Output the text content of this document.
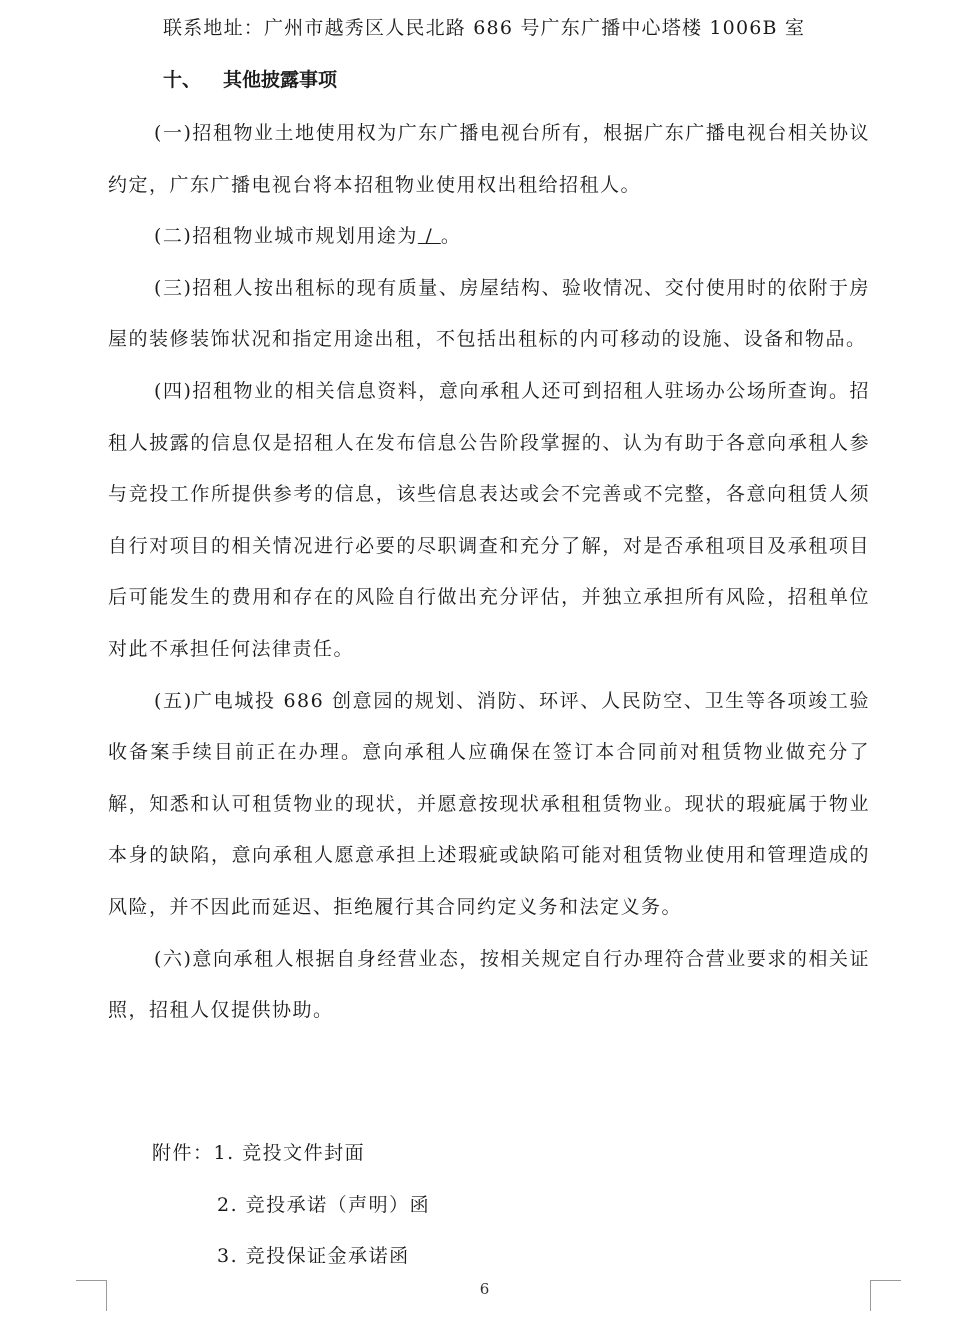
联系地址：广州市越秀区人民北路 686 号广东广播中心塔楼 1006B 室
十、 其他披露事项

(一)招租物业土地使用权为广东广播电视台所有，根据广东广播电视台相关协议约定，广东广播电视台将本招租物业使用权出租给招租人。

(二)招租物业城市规划用途为 / 。

(三)招租人按出租标的现有质量、房屋结构、验收情况、交付使用时的依附于房屋的装修装饰状况和指定用途出租，不包括出租标的内可移动的设施、设备和物品。

(四)招租物业的相关信息资料，意向承租人还可到招租人驻场办公场所查询。招租人披露的信息仅是招租人在发布信息公告阶段掌握的、认为有助于各意向承租人参与竞投工作所提供参考的信息，该些信息表达或会不完善或不完整，各意向租赁人须自行对项目的相关情况进行必要的尽职调查和充分了解，对是否承租项目及承租项目后可能发生的费用和存在的风险自行做出充分评估，并独立承担所有风险，招租单位对此不承担任何法律责任。

(五)广电城投 686 创意园的规划、消防、环评、人民防空、卫生等各项竣工验收备案手续目前正在办理。意向承租人应确保在签订本合同前对租赁物业做充分了解，知悉和认可租赁物业的现状，并愿意按现状承租租赁物业。现状的瑕疵属于物业本身的缺陷，意向承租人愿意承担上述瑕疵或缺陷可能对租赁物业使用和管理造成的风险，并不因此而延迟、拒绝履行其合同约定义务和法定义务。

(六)意向承租人根据自身经营业态，按相关规定自行办理符合营业要求的相关证照，招租人仅提供协助。

附件：1. 竞投文件封面
2. 竞投承诺（声明）函
3. 竞投保证金承诺函
6
